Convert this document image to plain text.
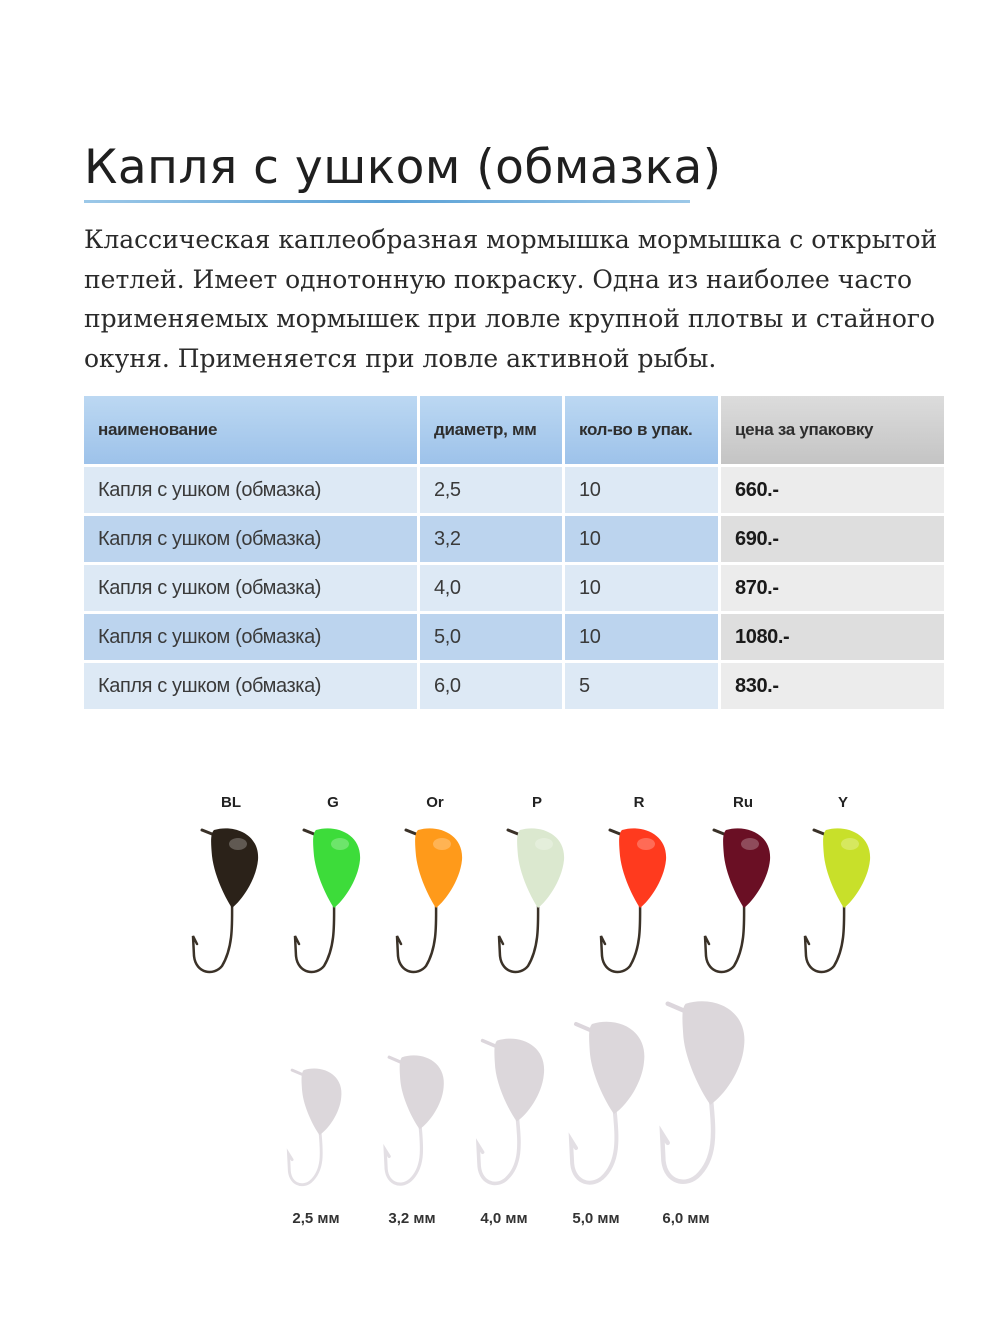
Капля с ушком (обмазка)

Классическая каплеобразная мормышка мормышка с открытой петлей. Имеет однотонную покраску. Одна из наиболее часто применяемых мормышек при ловле крупной плотвы и стайного окуня. Применяется при ловле активной рыбы.

наименование	диаметр, мм	кол-во в упак.	цена за упаковку
Капля с ушком (обмазка)	2,5	10	660.-
Капля с ушком (обмазка)	3,2	10	690.-
Капля с ушком (обмазка)	4,0	10	870.-
Капля с ушком (обмазка)	5,0	10	1080.-
Капля с ушком (обмазка)	6,0	5	830.-
BL	G	Or	P	R	Ru	Y
2,5 мм	3,2 мм	4,0 мм	5,0 мм	6,0 мм
